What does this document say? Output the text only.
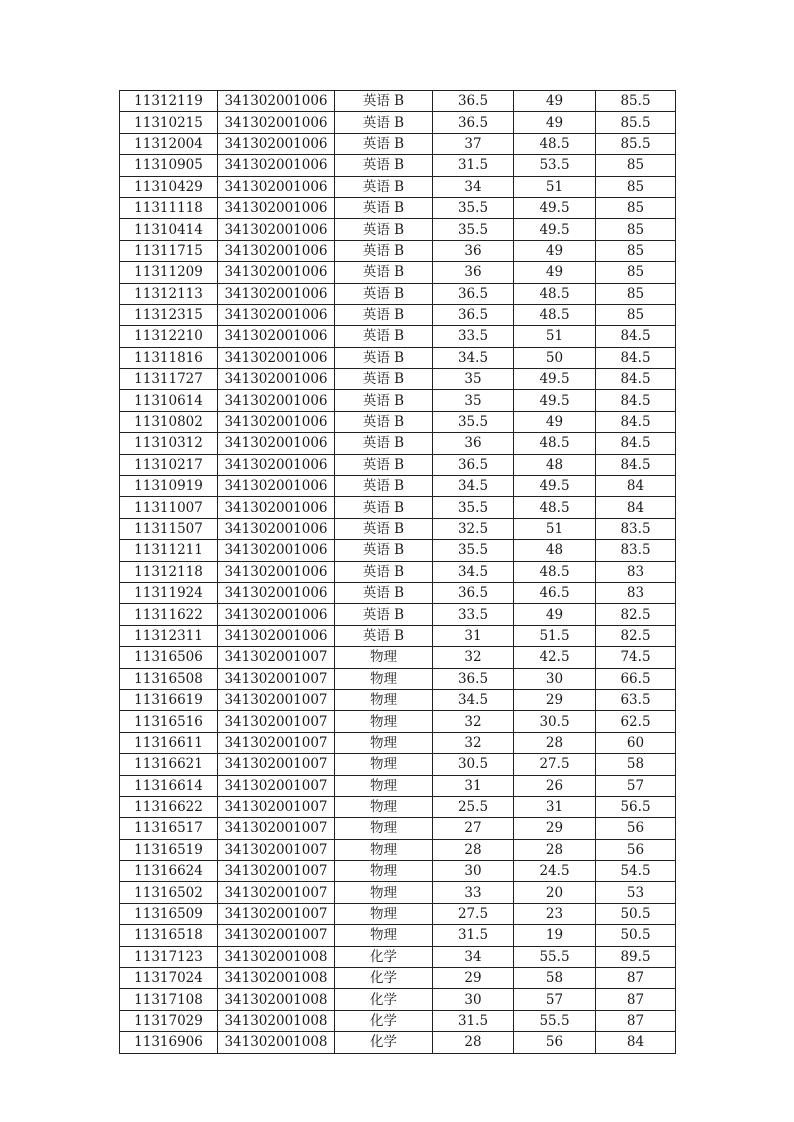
11312119	341302001006	英语 B	36.5	49	85.5
11310215	341302001006	英语 B	36.5	49	85.5
11312004	341302001006	英语 B	37	48.5	85.5
11310905	341302001006	英语 B	31.5	53.5	85
11310429	341302001006	英语 B	34	51	85
11311118	341302001006	英语 B	35.5	49.5	85
11310414	341302001006	英语 B	35.5	49.5	85
11311715	341302001006	英语 B	36	49	85
11311209	341302001006	英语 B	36	49	85
11312113	341302001006	英语 B	36.5	48.5	85
11312315	341302001006	英语 B	36.5	48.5	85
11312210	341302001006	英语 B	33.5	51	84.5
11311816	341302001006	英语 B	34.5	50	84.5
11311727	341302001006	英语 B	35	49.5	84.5
11310614	341302001006	英语 B	35	49.5	84.5
11310802	341302001006	英语 B	35.5	49	84.5
11310312	341302001006	英语 B	36	48.5	84.5
11310217	341302001006	英语 B	36.5	48	84.5
11310919	341302001006	英语 B	34.5	49.5	84
11311007	341302001006	英语 B	35.5	48.5	84
11311507	341302001006	英语 B	32.5	51	83.5
11311211	341302001006	英语 B	35.5	48	83.5
11312118	341302001006	英语 B	34.5	48.5	83
11311924	341302001006	英语 B	36.5	46.5	83
11311622	341302001006	英语 B	33.5	49	82.5
11312311	341302001006	英语 B	31	51.5	82.5
11316506	341302001007	物理	32	42.5	74.5
11316508	341302001007	物理	36.5	30	66.5
11316619	341302001007	物理	34.5	29	63.5
11316516	341302001007	物理	32	30.5	62.5
11316611	341302001007	物理	32	28	60
11316621	341302001007	物理	30.5	27.5	58
11316614	341302001007	物理	31	26	57
11316622	341302001007	物理	25.5	31	56.5
11316517	341302001007	物理	27	29	56
11316519	341302001007	物理	28	28	56
11316624	341302001007	物理	30	24.5	54.5
11316502	341302001007	物理	33	20	53
11316509	341302001007	物理	27.5	23	50.5
11316518	341302001007	物理	31.5	19	50.5
11317123	341302001008	化学	34	55.5	89.5
11317024	341302001008	化学	29	58	87
11317108	341302001008	化学	30	57	87
11317029	341302001008	化学	31.5	55.5	87
11316906	341302001008	化学	28	56	84
